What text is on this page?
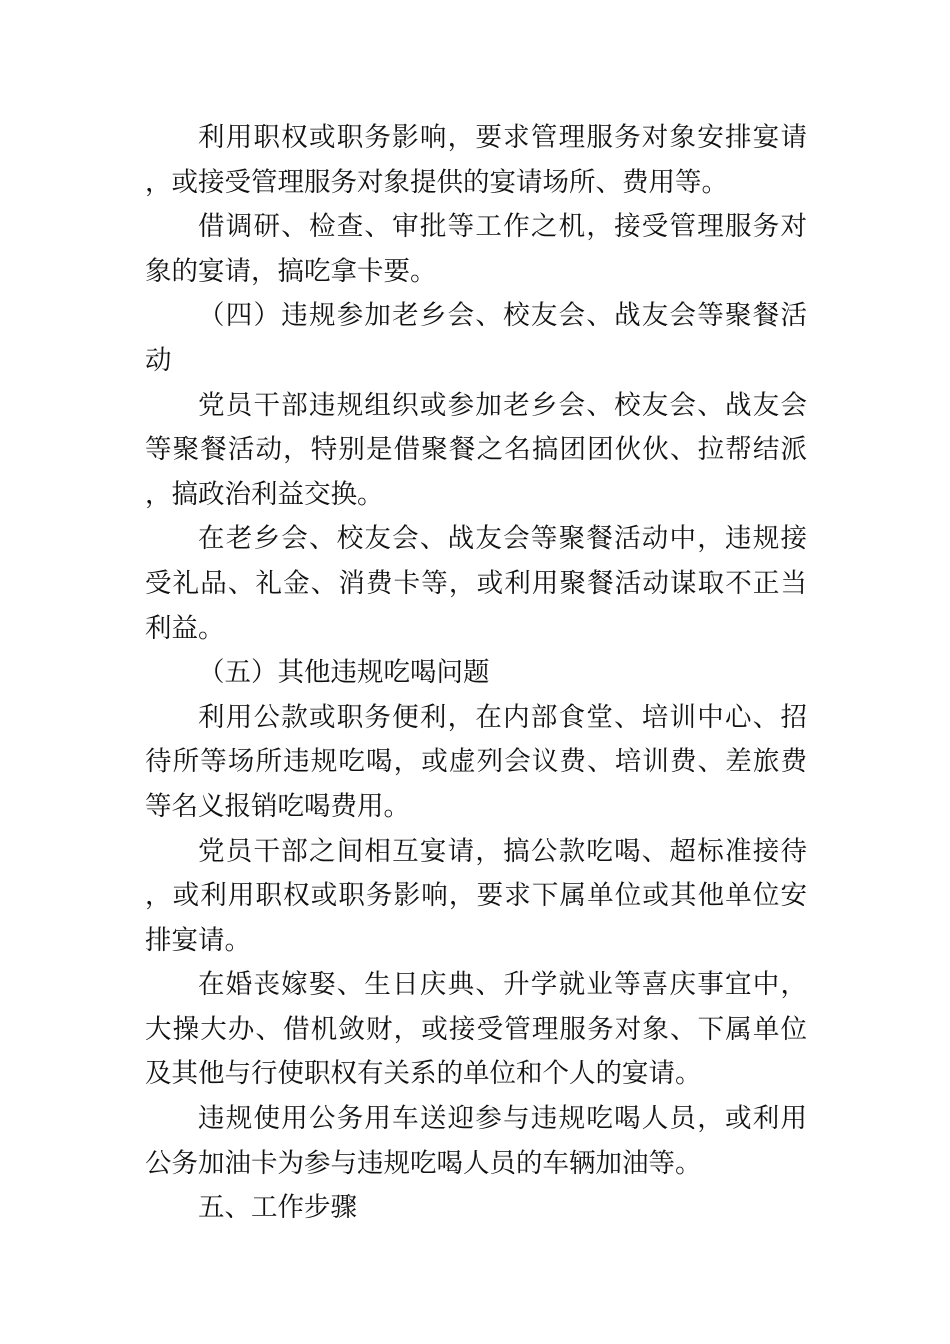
利用职权或职务影响，要求管理服务对象安排宴请，或接受管理服务对象提供的宴请场所、费用等。

借调研、检查、审批等工作之机，接受管理服务对象的宴请，搞吃拿卡要。

（四）违规参加老乡会、校友会、战友会等聚餐活动

党员干部违规组织或参加老乡会、校友会、战友会等聚餐活动，特别是借聚餐之名搞团团伙伙、拉帮结派，搞政治利益交换。

在老乡会、校友会、战友会等聚餐活动中，违规接受礼品、礼金、消费卡等，或利用聚餐活动谋取不正当利益。

（五）其他违规吃喝问题

利用公款或职务便利，在内部食堂、培训中心、招待所等场所违规吃喝，或虚列会议费、培训费、差旅费等名义报销吃喝费用。

党员干部之间相互宴请，搞公款吃喝、超标准接待，或利用职权或职务影响，要求下属单位或其他单位安排宴请。

在婚丧嫁娶、生日庆典、升学就业等喜庆事宜中，大操大办、借机敛财，或接受管理服务对象、下属单位及其他与行使职权有关系的单位和个人的宴请。

违规使用公务用车送迎参与违规吃喝人员，或利用公务加油卡为参与违规吃喝人员的车辆加油等。

五、工作步骤
